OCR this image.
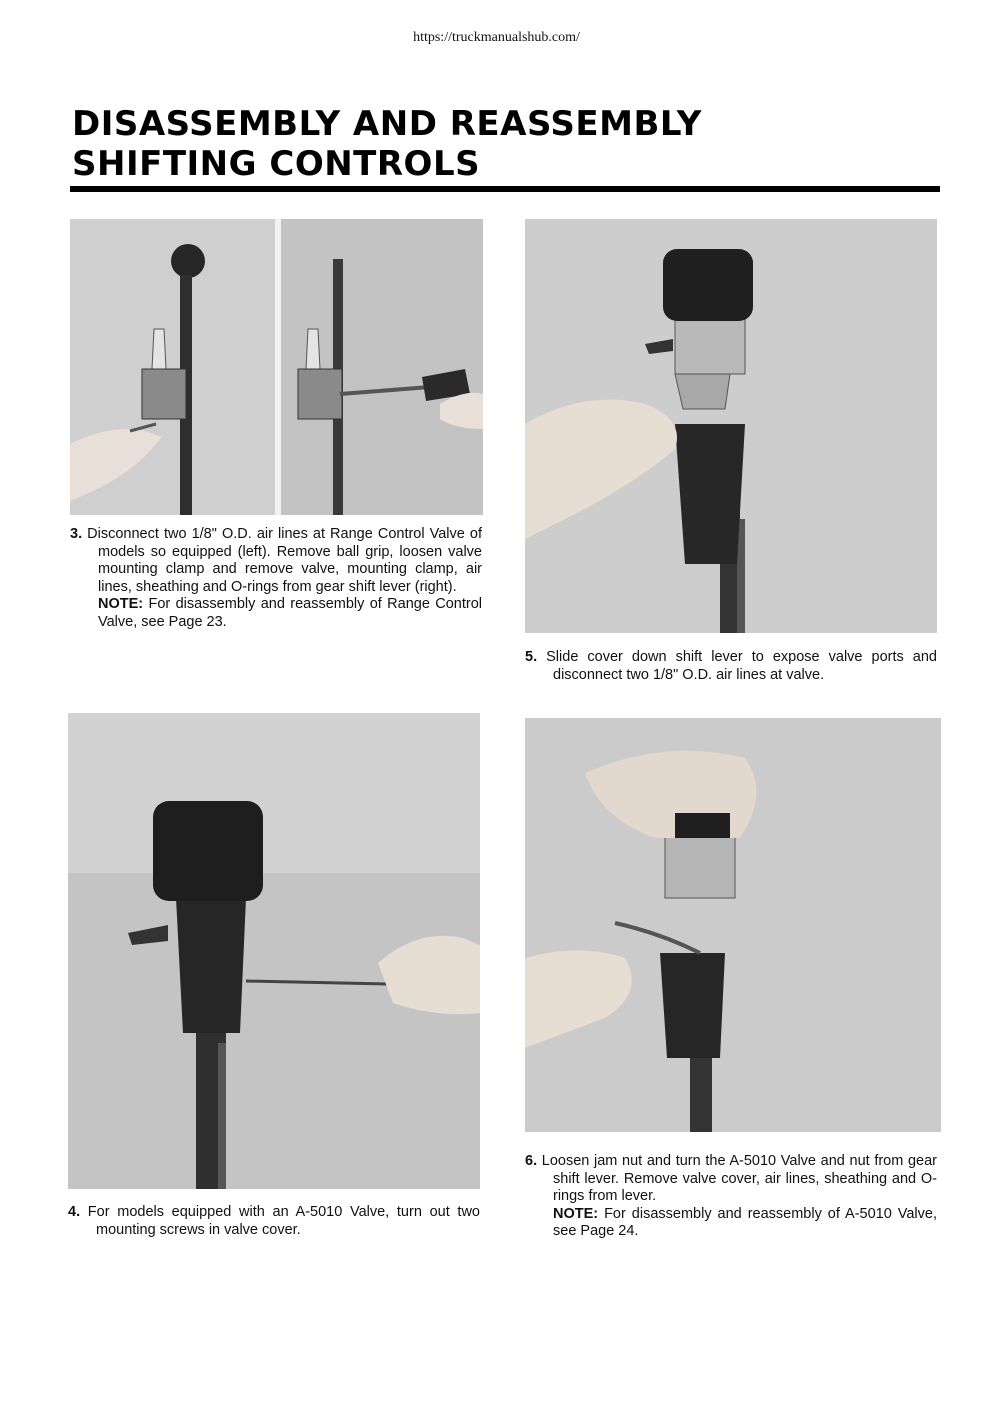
https://truckmanualshub.com/
DISASSEMBLY AND REASSEMBLY
SHIFTING CONTROLS
3. Disconnect two 1/8" O.D. air lines at Range Control Valve of models so equipped (left). Remove ball grip, loosen valve mounting clamp and remove valve, mounting clamp, air lines, sheathing and O-rings from gear shift lever (right).
NOTE: For disassembly and reassembly of Range Control Valve, see Page 23.
5. Slide cover down shift lever to expose valve ports and disconnect two 1/8" O.D. air lines at valve.
4. For models equipped with an A-5010 Valve, turn out two mounting screws in valve cover.
6. Loosen jam nut and turn the A-5010 Valve and nut from gear shift lever. Remove valve cover, air lines, sheathing and O-rings from lever.
NOTE: For disassembly and reassembly of A-5010 Valve, see Page 24.
